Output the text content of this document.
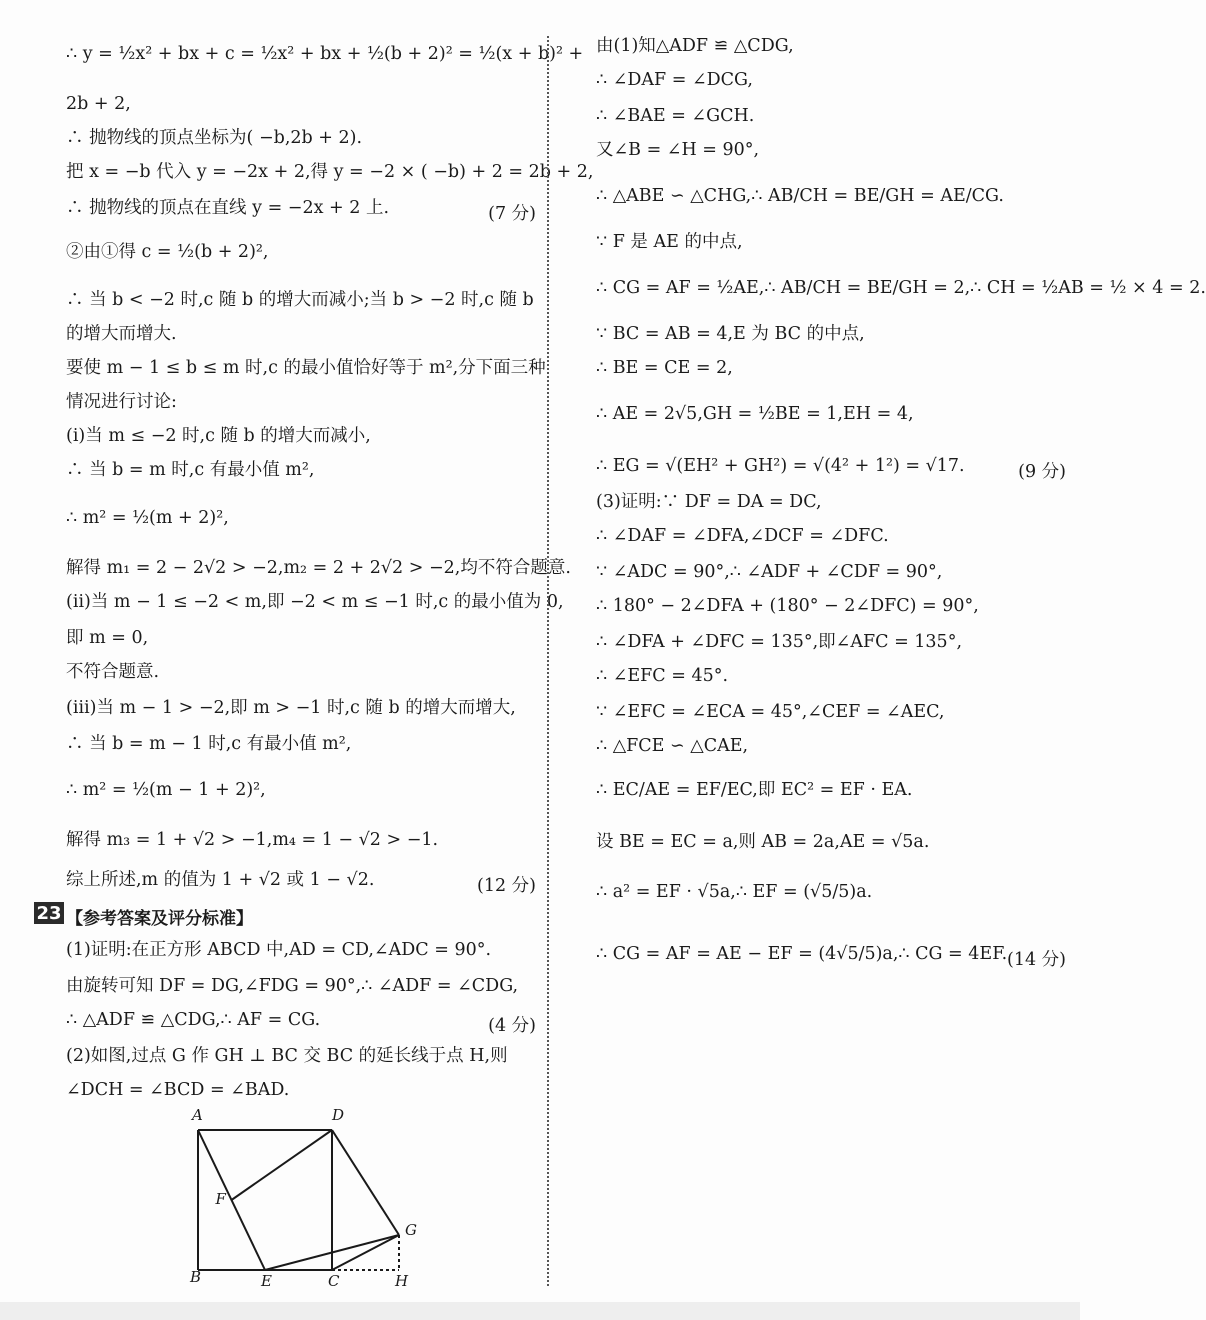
∴ y = ½x² + bx + c = ½x² + bx + ½(b + 2)² = ½(x + b)² +
2b + 2,
∴ 抛物线的顶点坐标为( −b,2b + 2).
把 x = −b 代入 y = −2x + 2,得 y = −2 × ( −b) + 2 = 2b + 2,
∴ 抛物线的顶点在直线 y = −2x + 2 上.	(7 分)
②由①得 c = ½(b + 2)²,
∴ 当 b < −2 时,c 随 b 的增大而减小;当 b > −2 时,c 随 b
的增大而增大.
要使 m − 1 ≤ b ≤ m 时,c 的最小值恰好等于 m²,分下面三种
情况进行讨论:
(ⅰ)当 m ≤ −2 时,c 随 b 的增大而减小,
∴ 当 b = m 时,c 有最小值 m²,
∴ m² = ½(m + 2)²,
解得 m₁ = 2 − 2√2 > −2,m₂ = 2 + 2√2 > −2,均不符合题意.
(ⅱ)当 m − 1 ≤ −2 < m,即 −2 < m ≤ −1 时,c 的最小值为 0,
即 m = 0,
不符合题意.
(ⅲ)当 m − 1 > −2,即 m > −1 时,c 随 b 的增大而增大,
∴ 当 b = m − 1 时,c 有最小值 m²,
∴ m² = ½(m − 1 + 2)²,
解得 m₃ = 1 + √2 > −1,m₄ = 1 − √2 > −1.
综上所述,m 的值为 1 + √2 或 1 − √2.	(12 分)
(1)证明:在正方形 ABCD 中,AD = CD,∠ADC = 90°.
由旋转可知 DF = DG,∠FDG = 90°,∴ ∠ADF = ∠CDG,
∴ △ADF ≌ △CDG,∴ AF = CG.	(4 分)
(2)如图,过点 G 作 GH ⊥ BC 交 BC 的延长线于点 H,则
∠DCH = ∠BCD = ∠BAD.
由(1)知△ADF ≌ △CDG,
∴ ∠DAF = ∠DCG,
∴ ∠BAE = ∠GCH.
又∠B = ∠H = 90°,
∴ △ABE ∽ △CHG,∴ AB/CH = BE/GH = AE/CG.
∵ F 是 AE 的中点,
∴ CG = AF = ½AE,∴ AB/CH = BE/GH = 2,∴ CH = ½AB = ½ × 4 = 2.
∵ BC = AB = 4,E 为 BC 的中点,
∴ BE = CE = 2,
∴ AE = 2√5,GH = ½BE = 1,EH = 4,
∴ EG = √(EH² + GH²) = √(4² + 1²) = √17.	(9 分)
(3)证明:∵ DF = DA = DC,
∴ ∠DAF = ∠DFA,∠DCF = ∠DFC.
∵ ∠ADC = 90°,∴ ∠ADF + ∠CDF = 90°,
∴ 180° − 2∠DFA + (180° − 2∠DFC) = 90°,
∴ ∠DFA + ∠DFC = 135°,即∠AFC = 135°,
∴ ∠EFC = 45°.
∵ ∠EFC = ∠ECA = 45°,∠CEF = ∠AEC,
∴ △FCE ∽ △CAE,
∴ EC/AE = EF/EC,即 EC² = EF · EA.
设 BE = EC = a,则 AB = 2a,AE = √5a.
∴ a² = EF · √5a,∴ EF = (√5/5)a.
∴ CG = AF = AE − EF = (4√5/5)a,∴ CG = 4EF. (14 分)
23 【参考答案及评分标准】
A
B	C
D
E
F
G
H
